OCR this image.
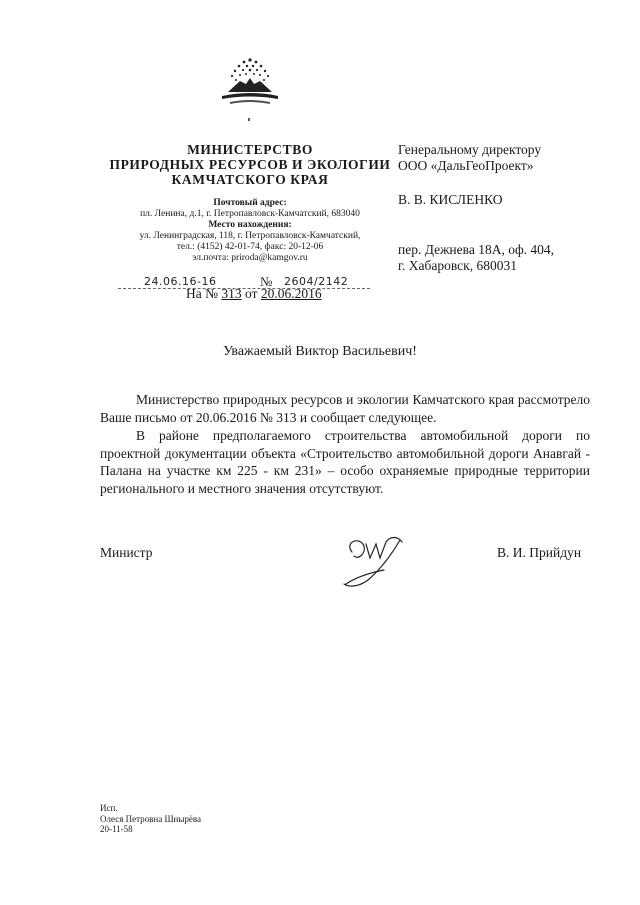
МИНИСТЕРСТВО
ПРИРОДНЫХ РЕСУРСОВ И ЭКОЛОГИИ
КАМЧАТСКОГО КРАЯ
Почтовый адрес:
пл. Ленина, д.1, г. Петропавловск-Камчатский, 683040
Место нахождения:
ул. Ленинградская, 118, г. Петропавловск-Камчатский,
тел.: (4152) 42-01-74, факс: 20-12-06
эл.почта: priroda@kamgov.ru
24.06.16-16	№ 2604/2142
На № 313 от 20.06.2016
Генеральному директору
ООО «ДальГеоПроект»
В. В. КИСЛЕНКО
пер. Дежнева 18А, оф. 404,
г. Хабаровск, 680031
Уважаемый Виктор Васильевич!
Министерство природных ресурсов и экологии Камчатского края рассмотрело Ваше письмо от 20.06.2016 № 313 и сообщает следующее.
В районе предполагаемого строительства автомобильной дороги по проектной документации объекта «Строительство автомобильной дороги Анавгай - Палана на участке км 225 - км 231» – особо охраняемые природные территории регионального и местного значения отсутствуют.
Министр	В. И. Прийдун
Исп.
Олеся Петровна Шныpёва
20-11-58
